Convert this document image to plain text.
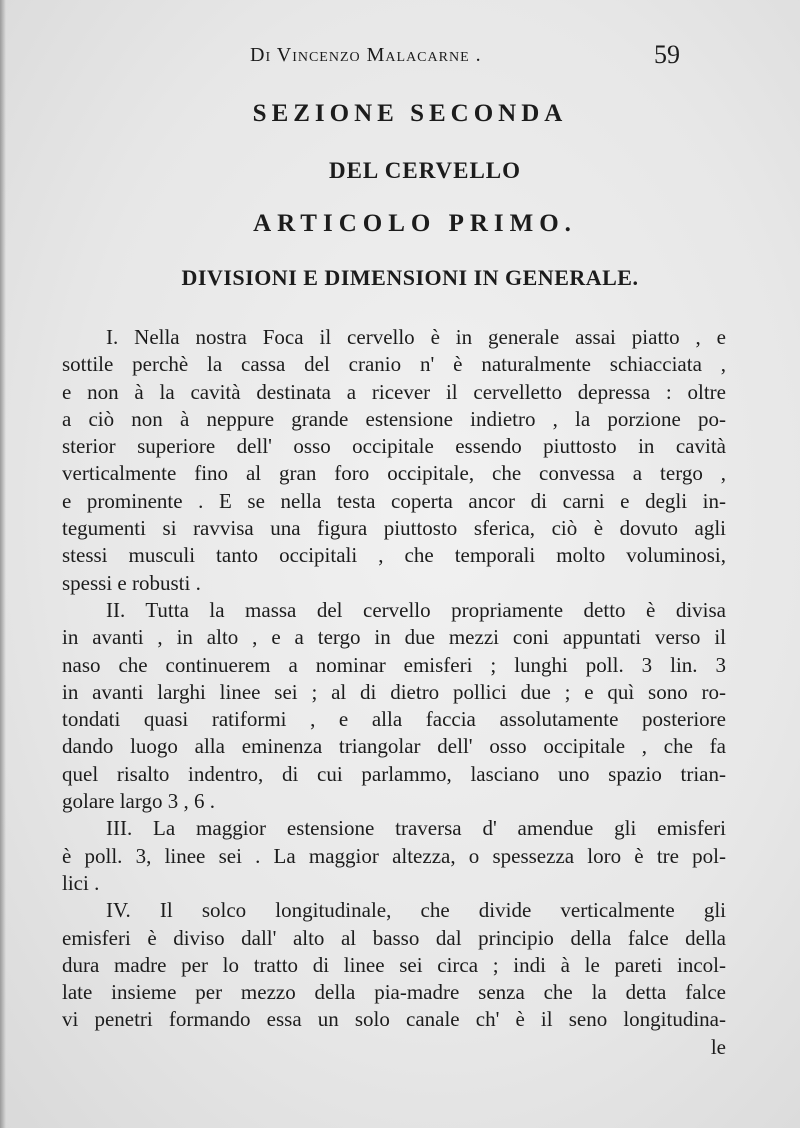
Di Vincenzo Malacarne .	59
SEZIONE SECONDA
DEL CERVELLO
ARTICOLO PRIMO.
DIVISIONI E DIMENSIONI IN GENERALE.
I. Nella nostra Foca il cervello è in generale assai piatto , e
sottile perchè la cassa del cranio n' è naturalmente schiacciata ,
e non à la cavità destinata a ricever il cervelletto depressa : oltre
a ciò non à neppure grande estensione indietro , la porzione po-
sterior superiore dell' osso occipitale essendo piuttosto in cavità
verticalmente fino al gran foro occipitale, che convessa a tergo ,
e prominente . E se nella testa coperta ancor di carni e degli in-
tegumenti si ravvisa una figura piuttosto sferica, ciò è dovuto agli
stessi musculi tanto occipitali , che temporali molto voluminosi,
spessi e robusti .
II. Tutta la massa del cervello propriamente detto è divisa
in avanti , in alto , e a tergo in due mezzi coni appuntati verso il
naso che continuerem a nominar emisferi ; lunghi poll. 3 lin. 3
in avanti larghi linee sei ; al di dietro pollici due ; e quì sono ro-
tondati quasi ratiformi , e alla faccia assolutamente posteriore
dando luogo alla eminenza triangolar dell' osso occipitale , che fa
quel risalto indentro, di cui parlammo, lasciano uno spazio trian-
golare largo 3 , 6 .
III. La maggior estensione traversa d' amendue gli emisferi
è poll. 3, linee sei . La maggior altezza, o spessezza loro è tre pol-
lici .
IV. Il solco longitudinale, che divide verticalmente gli
emisferi è diviso dall' alto al basso dal principio della falce della
dura madre per lo tratto di linee sei circa ; indi à le pareti incol-
late insieme per mezzo della pia-madre senza che la detta falce
vi penetri formando essa un solo canale ch' è il seno longitudina-
le
